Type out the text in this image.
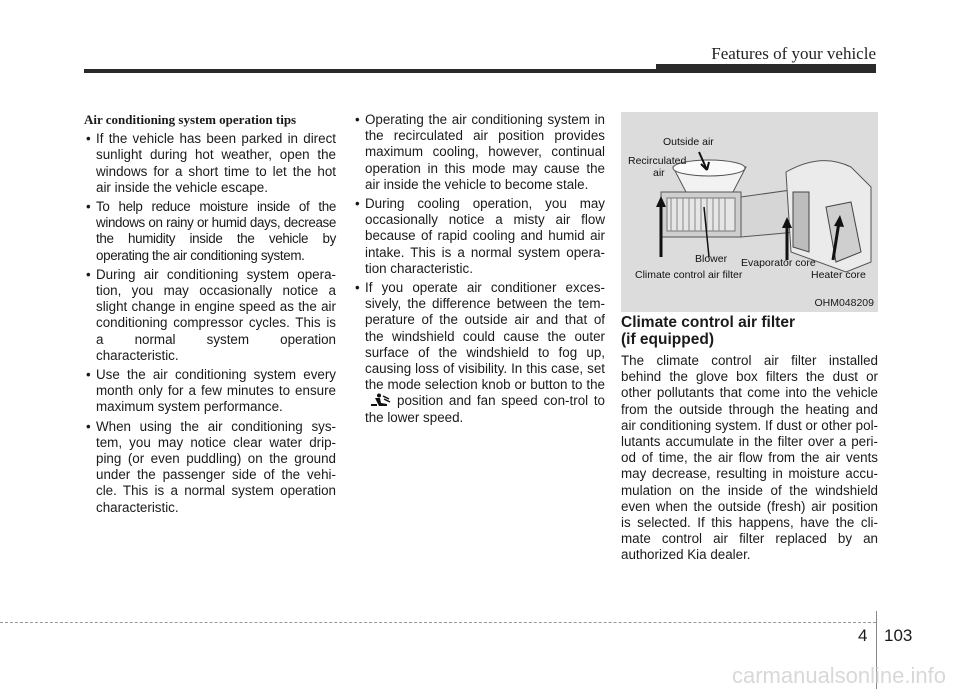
Features of your vehicle

Air conditioning system operation tips

• If the vehicle has been parked in direct sunlight during hot weather, open the windows for a short time to let the hot air inside the vehicle escape.
• To help reduce moisture inside of the windows on rainy or humid days, decrease the humidity inside the vehicle by operating the air conditioning system.
• During air conditioning system opera-tion, you may occasionally notice a slight change in engine speed as the air conditioning compressor cycles. This is a normal system operation characteristic.
• Use the air conditioning system every month only for a few minutes to ensure maximum system performance.
• When using the air conditioning sys-tem, you may notice clear water drip-ping (or even puddling) on the ground under the passenger side of the vehi-cle. This is a normal system operation characteristic.
• Operating the air conditioning system in the recirculated air position provides maximum cooling, however, continual operation in this mode may cause the air inside the vehicle to become stale.
• During cooling operation, you may occasionally notice a misty air flow because of rapid cooling and humid air intake. This is a normal system opera-tion characteristic.
• If you operate air conditioner exces-sively, the difference between the tem-perature of the outside air and that of the windshield could cause the outer surface of the windshield to fog up, causing loss of visibility. In this case, set the mode selection knob or button to theposition and fan speed con-trol to the lower speed.
Outside air
Recirculated
air
Blower Evaporator core
Climate control air filter	Heater core
OHM048209
Climate control air filter
(if equipped)

The climate control air filter installed behind the glove box filters the dust or other pollutants that come into the vehicle from the outside through the heating and air conditioning system. If dust or other pol-lutants accumulate in the filter over a peri-od of time, the air flow from the air vents may decrease, resulting in moisture accu-mulation on the inside of the windshield even when the outside (fresh) air position is selected. If this happens, have the cli-mate control air filter replaced by an authorized Kia dealer.

4 103
carmanualsonline.info
